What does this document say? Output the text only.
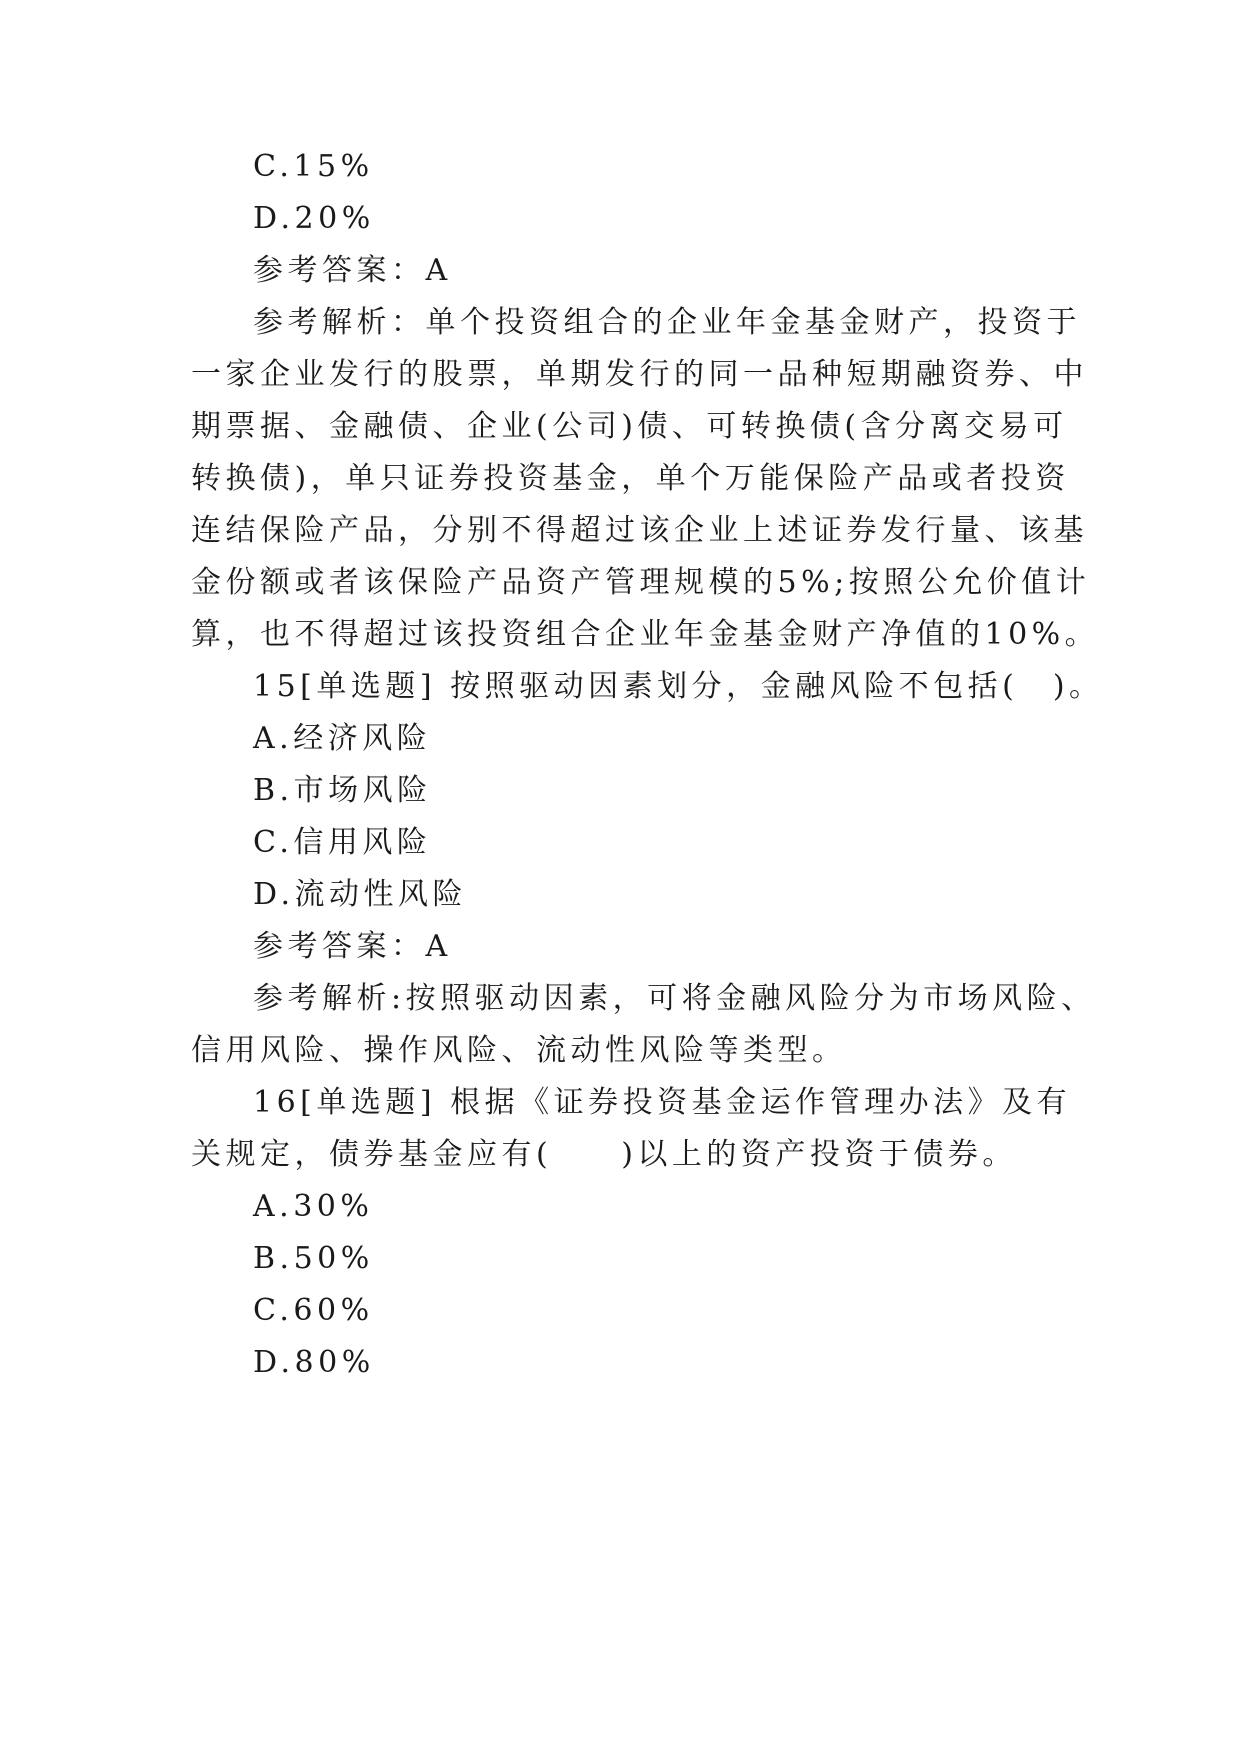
C.15%
D.20%
参考答案：A
参考解析：单个投资组合的企业年金基金财产，投资于
一家企业发行的股票，单期发行的同一品种短期融资券、中
期票据、金融债、企业(公司)债、可转换债(含分离交易可
转换债)，单只证券投资基金，单个万能保险产品或者投资
连结保险产品，分别不得超过该企业上述证券发行量、该基
金份额或者该保险产品资产管理规模的5%;按照公允价值计
算，也不得超过该投资组合企业年金基金财产净值的10%。
15[单选题] 按照驱动因素划分，金融风险不包括(　)。
A.经济风险
B.市场风险
C.信用风险
D.流动性风险
参考答案：A
参考解析:按照驱动因素，可将金融风险分为市场风险、
信用风险、操作风险、流动性风险等类型。
16[单选题] 根据《证券投资基金运作管理办法》及有
关规定，债券基金应有(　　)以上的资产投资于债券。
A.30%
B.50%
C.60%
D.80%
